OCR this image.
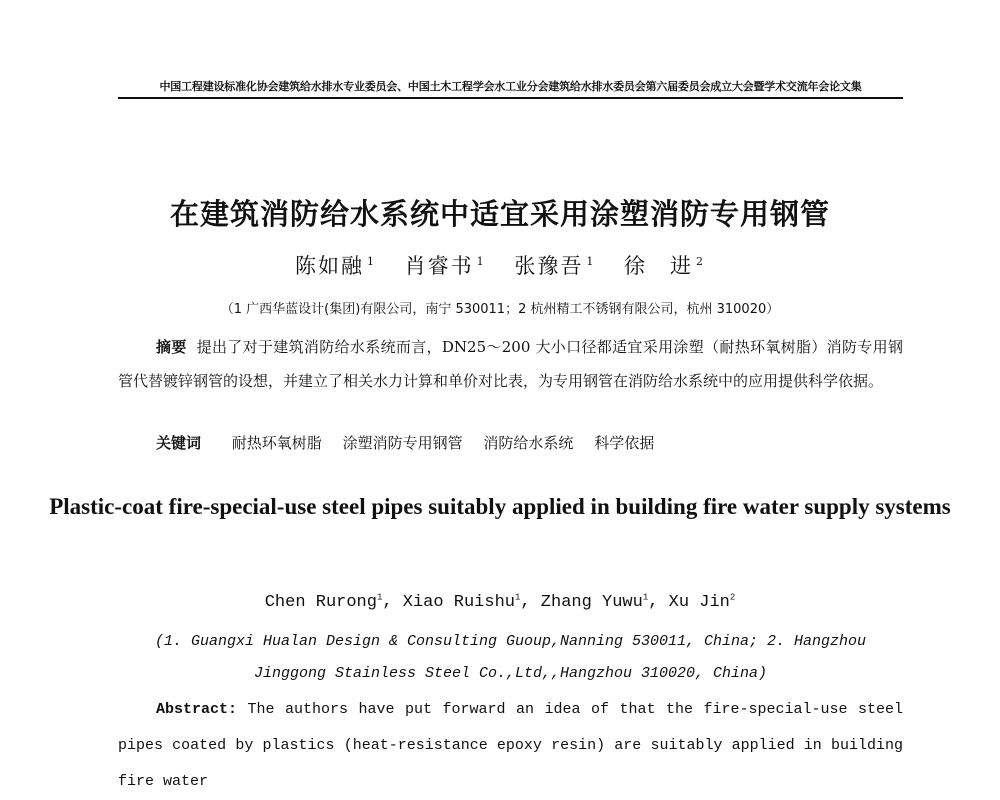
中国工程建设标准化协会建筑给水排水专业委员会、中国土木工程学会水工业分会建筑给水排水委员会第六届委员会成立大会暨学术交流年会论文集
在建筑消防给水系统中适宜采用涂塑消防专用钢管
陈如融 $^1$ 肖睿书 $^1$ 张豫吾 $^1$ 徐　进 $^2$
（1 广西华蓝设计(集团)有限公司，南宁 530011；2 杭州精工不锈钢有限公司，杭州 310020）
摘要 提出了对于建筑消防给水系统而言，DN25～200 大小口径都适宜采用涂塑（耐热环氧树脂）消防专用钢管代替镀锌钢管的设想，并建立了相关水力计算和单价对比表，为专用钢管在消防给水系统中的应用提供科学依据。
关键词 耐热环氧树脂 涂塑消防专用钢管 消防给水系统 科学依据
Plastic-coat fire-special-use steel pipes suitably applied in building fire water supply systems
Chen Rurong$^1$, Xiao Ruishu$^1$, Zhang Yuwu$^1$, Xu Jin$^2$
(1. Guangxi Hualan Design & Consulting Guoup,Nanning 530011, China; 2. Hangzhou Jinggong Stainless Steel Co.,Ltd,,Hangzhou 310020, China)
Abstract: The authors have put forward an idea of that the fire-special-use steel pipes coated by plastics (heat-resistance epoxy resin) are suitably applied in building fire water
